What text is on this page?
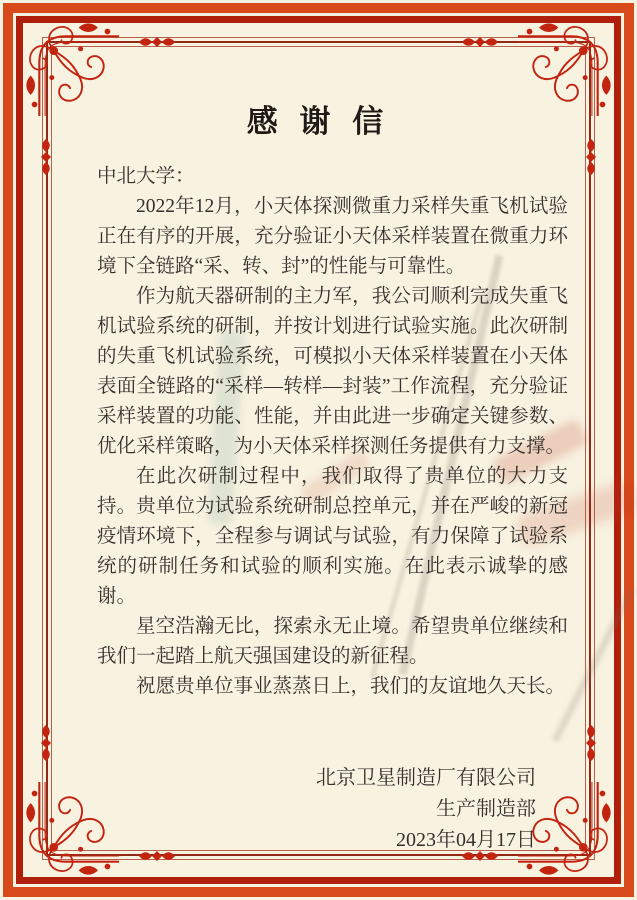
感 谢 信

中北大学：

2022年12月，小天体探测微重力采样失重飞机试验正在有序的开展，充分验证小天体采样装置在微重力环境下全链路“采、转、封”的性能与可靠性。

作为航天器研制的主力军，我公司顺利完成失重飞机试验系统的研制，并按计划进行试验实施。此次研制的失重飞机试验系统，可模拟小天体采样装置在小天体表面全链路的“采样—转样—封装”工作流程，充分验证采样装置的功能、性能，并由此进一步确定关键参数、优化采样策略，为小天体采样探测任务提供有力支撑。

在此次研制过程中，我们取得了贵单位的大力支持。贵单位为试验系统研制总控单元，并在严峻的新冠疫情环境下，全程参与调试与试验，有力保障了试验系统的研制任务和试验的顺利实施。在此表示诚挚的感谢。

星空浩瀚无比，探索永无止境。希望贵单位继续和我们一起踏上航天强国建设的新征程。

祝愿贵单位事业蒸蒸日上，我们的友谊地久天长。

北京卫星制造厂有限公司

生产制造部

2023年04月17日
